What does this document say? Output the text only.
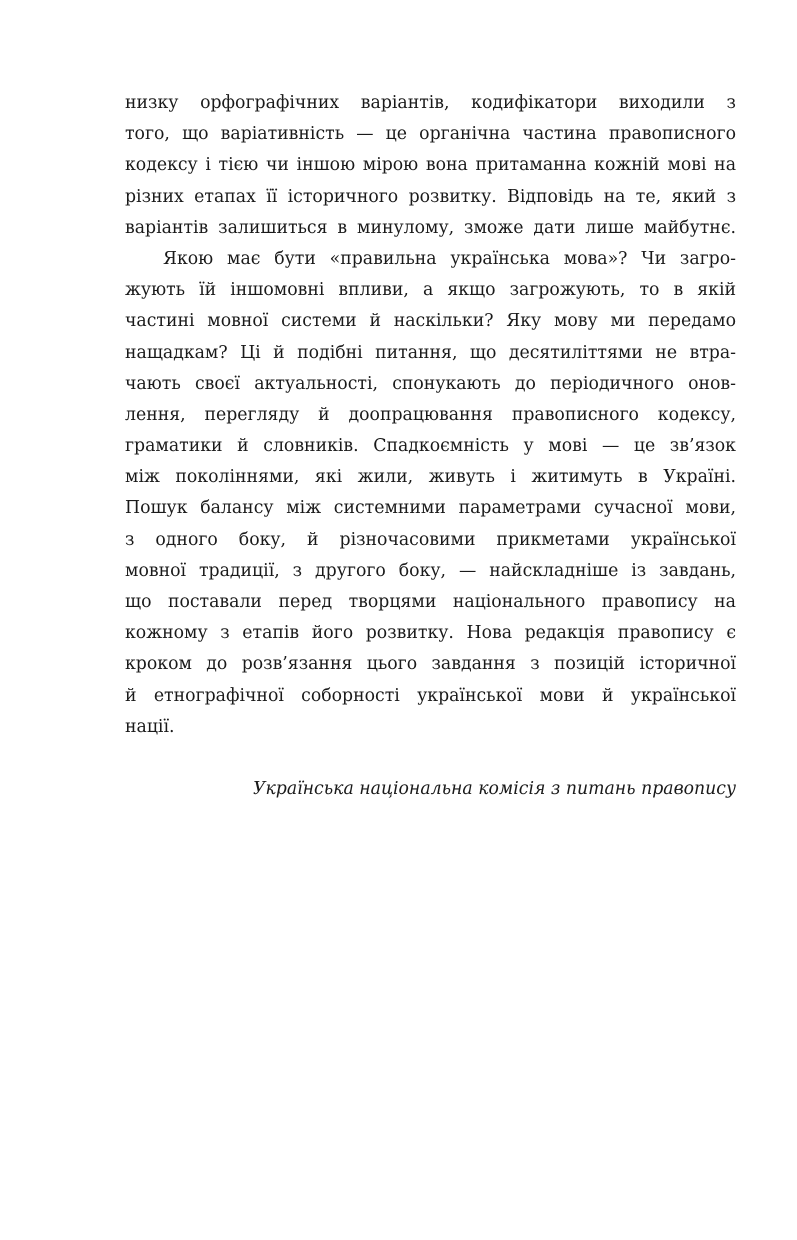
низку орфографічних варіантів, кодифікатори виходили з
того, що варіативність — це органічна частина правописного
кодексу і тією чи іншою мірою вона притаманна кожній мові на
різних етапах її історичного розвитку. Відповідь на те, який з
варіантів залишиться в минулому, зможе дати лише майбутнє.

Якою має бути «правильна українська мова»? Чи загро-
жують їй іншомовні впливи, а якщо загрожують, то в якій
частині мовної системи й наскільки? Яку мову ми передамо
нащадкам? Ці й подібні питання, що десятиліттями не втра-
чають своєї актуальності, спонукають до періодичного онов-
лення, перегляду й доопрацювання правописного кодексу,
граматики й словників. Спадкоємність у мові — це зв’язок
між поколіннями, які жили, живуть і житимуть в Україні.
Пошук балансу між системними параметрами сучасної мови,
з одного боку, й різночасовими прикметами української
мовної традиції, з другого боку, — найскладніше із завдань,
що поставали перед творцями національного правопису на
кожному з етапів його розвитку. Нова редакція правопису є
кроком до розв’язання цього завдання з позицій історичної
й етнографічної соборності української мови й української
нації.

Українська національна комісія з питань правопису
